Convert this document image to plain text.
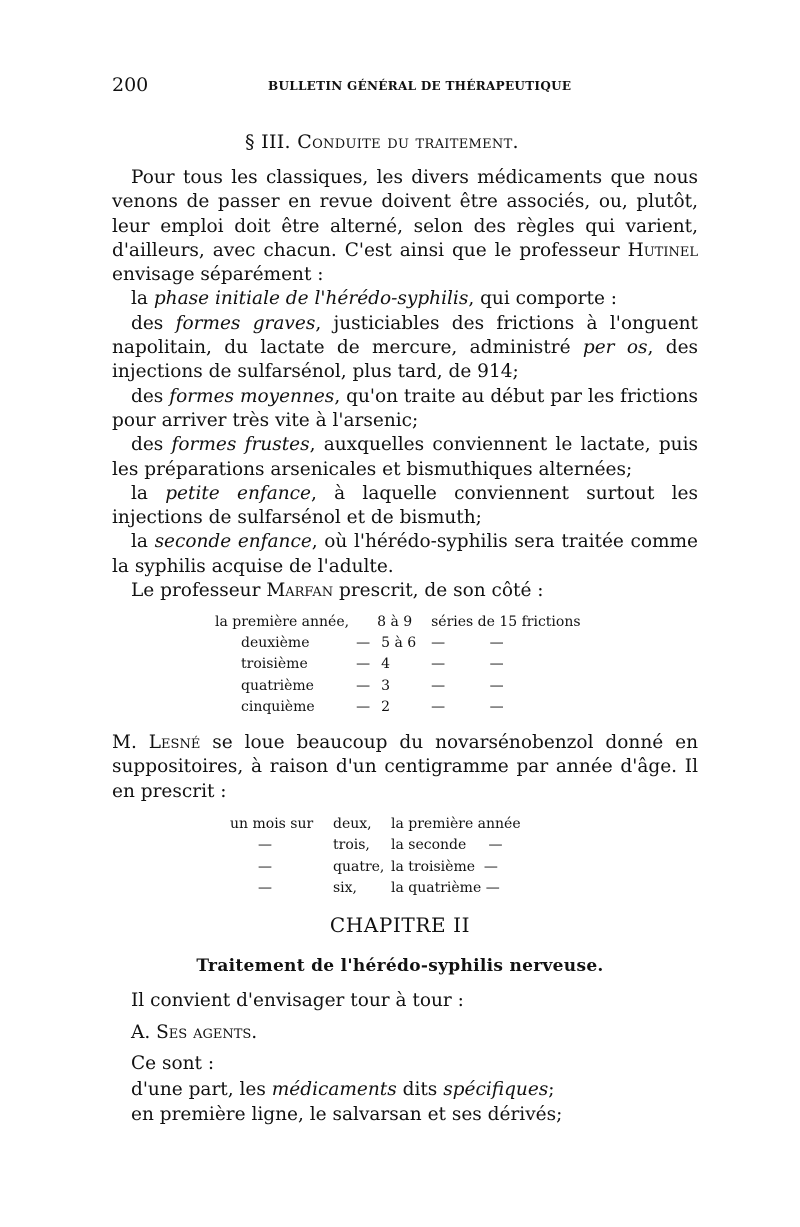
200	BULLETIN GÉNÉRAL DE THÉRAPEUTIQUE
§ III. Conduite du traitement.

Pour tous les classiques, les divers médicaments que nous venons de passer en revue doivent être associés, ou, plutôt, leur emploi doit être alterné, selon des règles qui varient, d'ailleurs, avec chacun. C'est ainsi que le professeur Hutinel envisage séparément :

la phase initiale de l'hérédo-syphilis, qui comporte :

des formes graves, justiciables des frictions à l'onguent napolitain, du lactate de mercure, administré per os, des injections de sulfarsénol, plus tard, de 914;

des formes moyennes, qu'on traite au début par les frictions pour arriver très vite à l'arsenic;

des formes frustes, auxquelles conviennent le lactate, puis les préparations arsenicales et bismuthiques alternées;

la petite enfance, à laquelle conviennent surtout les injections de sulfarsénol et de bismuth;

la seconde enfance, où l'hérédo-syphilis sera traitée comme la syphilis acquise de l'adulte.

Le professeur Marfan prescrit, de son côté :

la première année,		8 à 9	séries de 15 frictions
deuxième	—	5 à 6	—          —
troisième	—	4	—          —
quatrième	—	3	—          —
cinquième	—	2	—          —

M. Lesné se loue beaucoup du novarsénobenzol donné en suppositoires, à raison d'un centigramme par année d'âge. Il en prescrit :

un mois sur	deux,	la première année
—	trois,	la seconde     —
—	quatre,	la troisième  —
—	six,	la quatrième —
CHAPITRE II
Traitement de l'hérédo-syphilis nerveuse.

Il convient d'envisager tour à tour :

A. Ses agents.

Ce sont :

d'une part, les médicaments dits spécifiques;

en première ligne, le salvarsan et ses dérivés;
